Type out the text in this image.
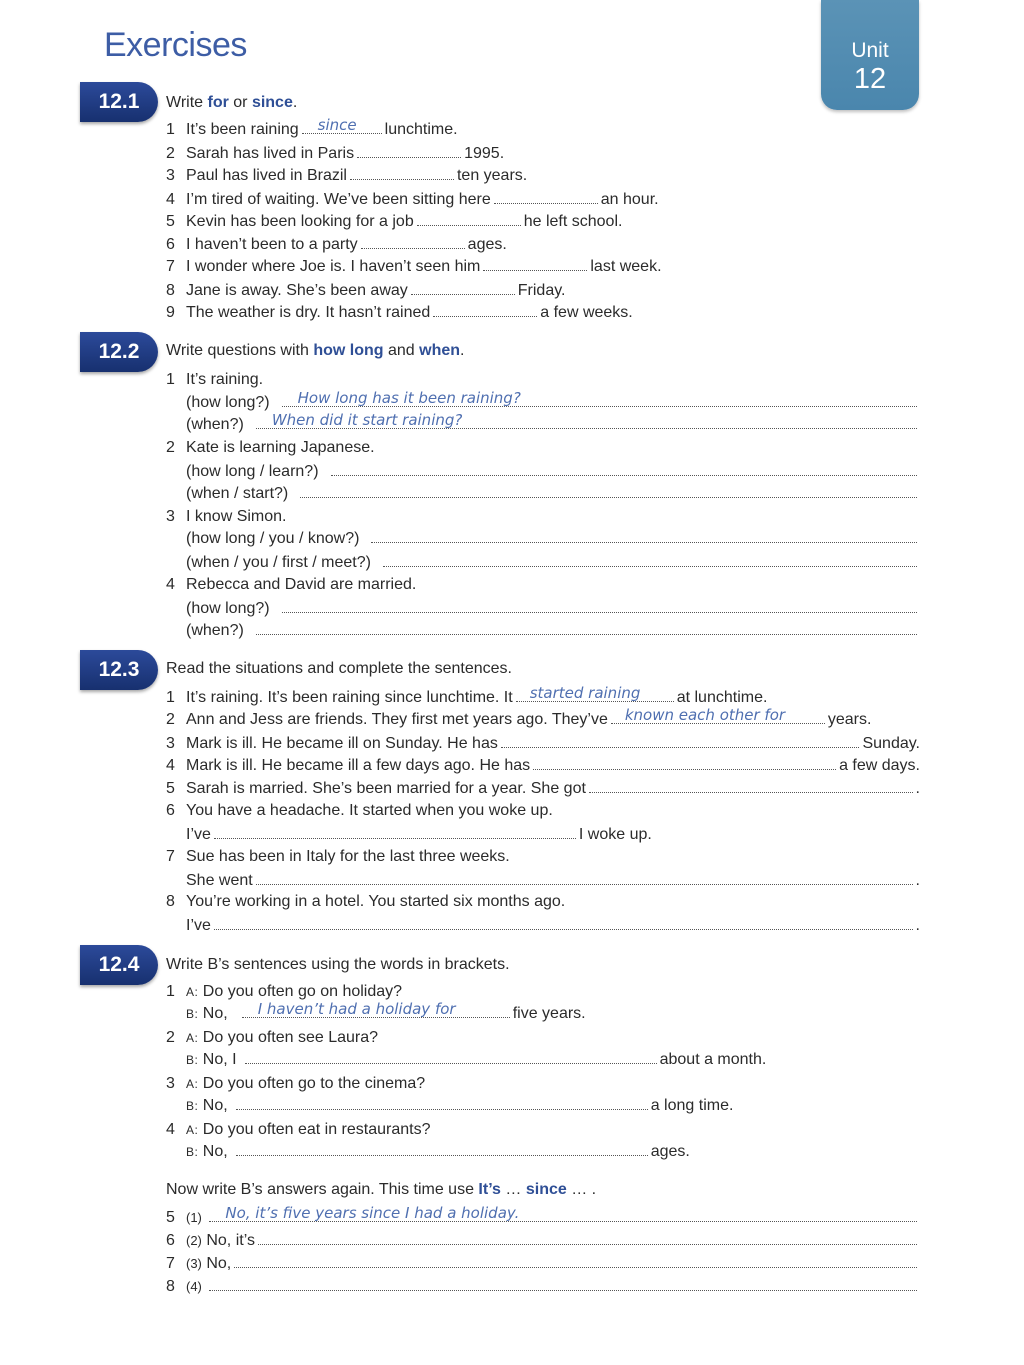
Exercises	Unit
12
12.1	Write for or since.
1 It’s been raining since lunchtime.
2 Sarah has lived in Paris	1995.
3 Paul has lived in Brazil	ten years.
4 I’m tired of waiting. We’ve been sitting here	an hour.
5 Kevin has been looking for a job	he left school.
6 I haven’t been to a party	ages.
7 I wonder where Joe is. I haven’t seen him	last week.
8 Jane is away. She’s been away	Friday.
9 The weather is dry. It hasn’t rained	a few weeks.
12.2	Write questions with how long and when.
1 It’s raining.
(how long?) How long has it been raining?
(when?) When did it start raining?
2 Kate is learning Japanese.
(how long / learn?)
(when / start?)
3 I know Simon.
(how long / you / know?)
(when / you / first / meet?)
4 Rebecca and David are married.
(how long?)
(when?)
12.3	Read the situations and complete the sentences.
1 It’s raining. It’s been raining since lunchtime. It started raining at lunchtime.
2 Ann and Jess are friends. They first met years ago. They’ve known each other for	years.
3 Mark is ill. He became ill on Sunday. He has	Sunday.
4 Mark is ill. He became ill a few days ago. He has	a few days.
5 Sarah is married. She’s been married for a year. She got	.
6 You have a headache. It started when you woke up.
I’ve	I woke up.
7 Sue has been in Italy for the last three weeks.
She went	.
8 You’re working in a hotel. You started six months ago.
I’ve	.
12.4	Write B’s sentences using the words in brackets.
1 A: Do you often go on holiday?
B:
No, I haven’t had a holiday for	five years.
2 A: Do you often see Laura?
B:
No, I	about a month.
3 A: Do you often go to the cinema?
B:
No,	a long time.
4 A: Do you often eat in restaurants?
B:
No,	ages.
Now write B’s answers again. This time use It’s … since … .
5 (1)
No, it’s five years since I had a holiday.
6 (2)
No, it’s
7 (3)
No,
8 (4)
